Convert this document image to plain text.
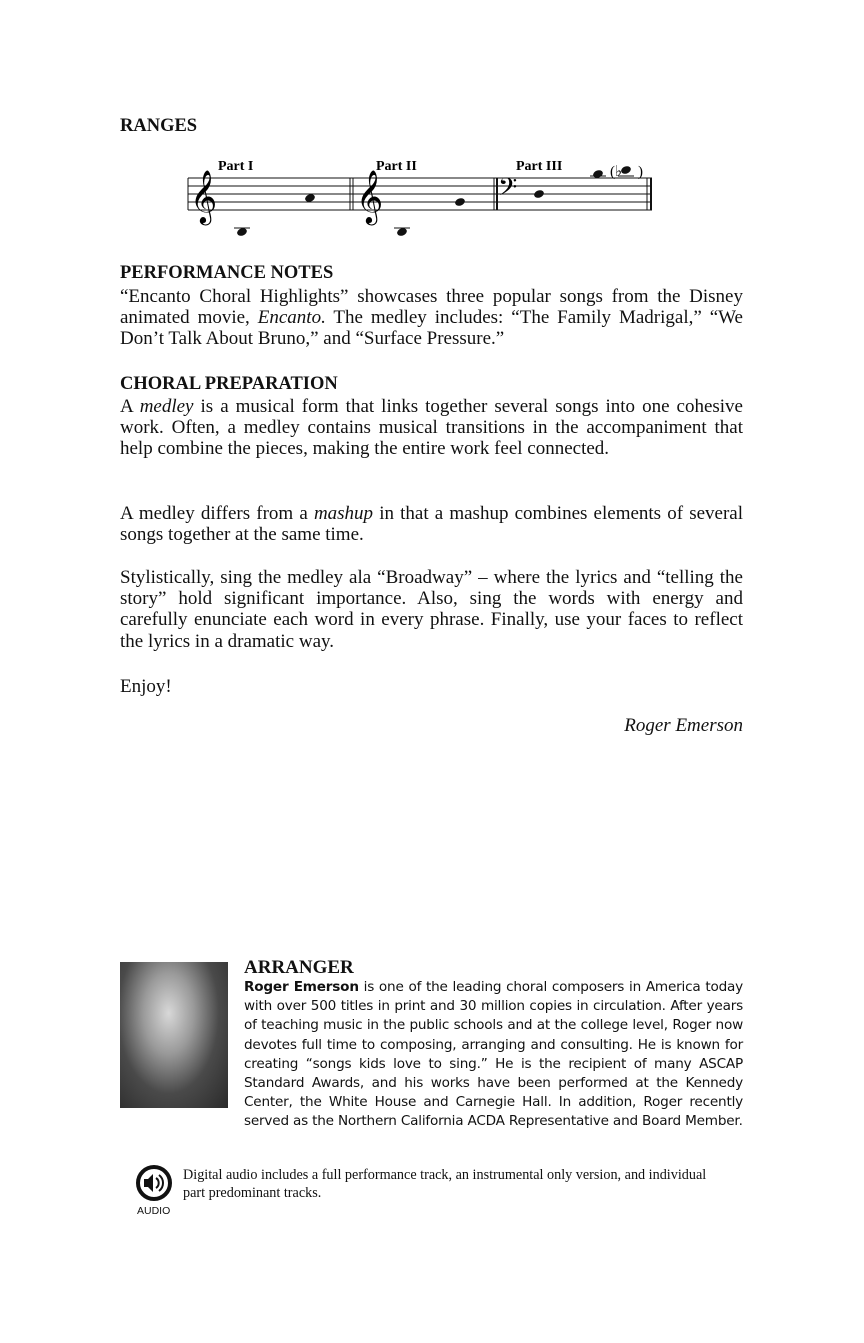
RANGES
𝄞	𝄞	𝄢
Part I	Part II	Part III	(♭ )
PERFORMANCE NOTES

“Encanto Choral Highlights” showcases three popular songs from the Disney animated movie, Encanto. The medley includes: “The Family Madrigal,” “We Don’t Talk About Bruno,” and “Surface Pressure.”

CHORAL PREPARATION

A medley is a musical form that links together several songs into one cohesive work. Often, a medley contains musical transitions in the accompaniment that help combine the pieces, making the entire work feel connected.

A medley differs from a mashup in that a mashup combines elements of several songs together at the same time.

Stylistically, sing the medley ala “Broadway” – where the lyrics and “telling the story” hold significant importance. Also, sing the words with energy and carefully enunciate each word in every phrase. Finally, use your faces to reflect the lyrics in a dramatic way.

Enjoy!

Roger Emerson
ARRANGER

Roger Emerson is one of the leading choral composers in America today with over 500 titles in print and 30 million copies in circulation. After years of teaching music in the public schools and at the college level, Roger now devotes full time to composing, arranging and consulting. He is known for creating “songs kids love to sing.” He is the recipient of many ASCAP Standard Awards, and his works have been performed at the Kennedy Center, the White House and Carnegie Hall. In addition, Roger recently served as the Northern California ACDA Representative and Board Member.

AUDIO

Digital audio includes a full performance track, an instrumental only version, and individual part predominant tracks.
